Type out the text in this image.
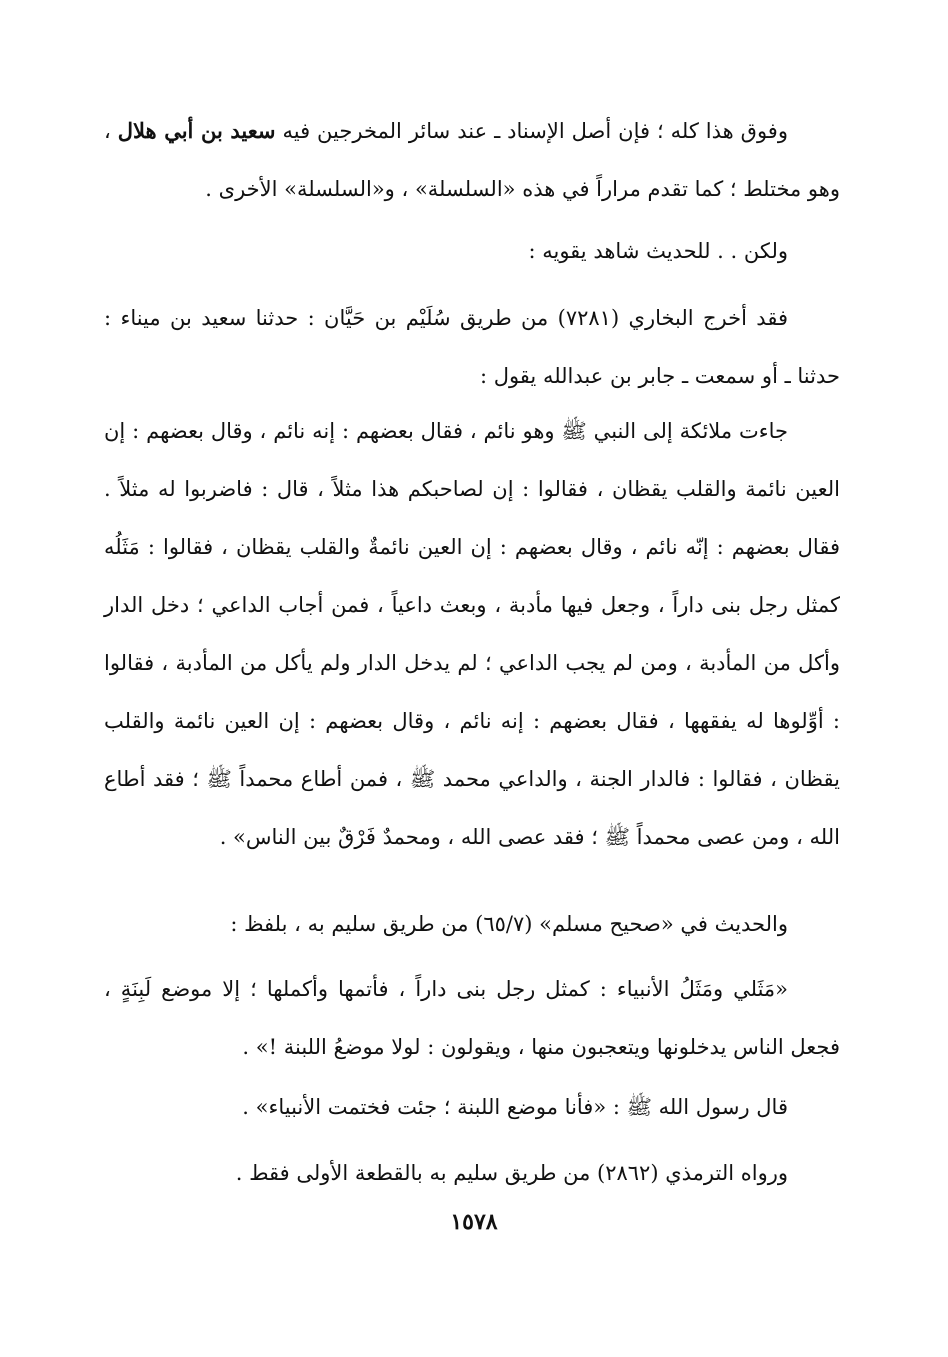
وفوق هذا كله ؛ فإن أصل الإسناد ـ عند سائر المخرجين فيه سعيد بن أبي هلال ، وهو مختلط ؛ كما تقدم مراراً في هذه «السلسلة» ، و«السلسلة» الأخرى .

ولكن . . للحديث شاهد يقويه :

فقد أخرج البخاري (٧٢٨١) من طريق سُلَيْم بن حَيَّان : حدثنا سعيد بن ميناء : حدثنا ـ أو سمعت ـ جابر بن عبدالله يقول :

جاءت ملائكة إلى النبي ﷺ وهو نائم ، فقال بعضهم : إنه نائم ، وقال بعضهم : إن العين نائمة والقلب يقظان ، فقالوا : إن لصاحبكم هذا مثلاً ، قال : فاضربوا له مثلاً . فقال بعضهم : إنّه نائم ، وقال بعضهم : إن العين نائمةٌ والقلب يقظان ، فقالوا : مَثَلُه كمثل رجل بنى داراً ، وجعل فيها مأدبة ، وبعث داعياً ، فمن أجاب الداعي ؛ دخل الدار وأكل من المأدبة ، ومن لم يجب الداعي ؛ لم يدخل الدار ولم يأكل من المأدبة ، فقالوا : أوِّلوها له يفقهها ، فقال بعضهم : إنه نائم ، وقال بعضهم : إن العين نائمة والقلب يقظان ، فقالوا : فالدار الجنة ، والداعي محمد ﷺ ، فمن أطاع محمداً ﷺ ؛ فقد أطاع الله ، ومن عصى محمداً ﷺ ؛ فقد عصى الله ، ومحمدٌ فَرْقٌ بين الناس» .

والحديث في «صحيح مسلم» (٦٥/٧) من طريق سليم به ، بلفظ :

«مَثَلي ومَثَلُ الأنبياء : كمثل رجل بنى داراً ، فأتمها وأكملها ؛ إلا موضع لَبِنَةٍ ، فجعل الناس يدخلونها ويتعجبون منها ، ويقولون : لولا موضعُ اللبنة !» .

قال رسول الله ﷺ : «فأنا موضع اللبنة ؛ جئت فختمت الأنبياء» .

ورواه الترمذي (٢٨٦٢) من طريق سليم به بالقطعة الأولى فقط .

١٥٧٨
